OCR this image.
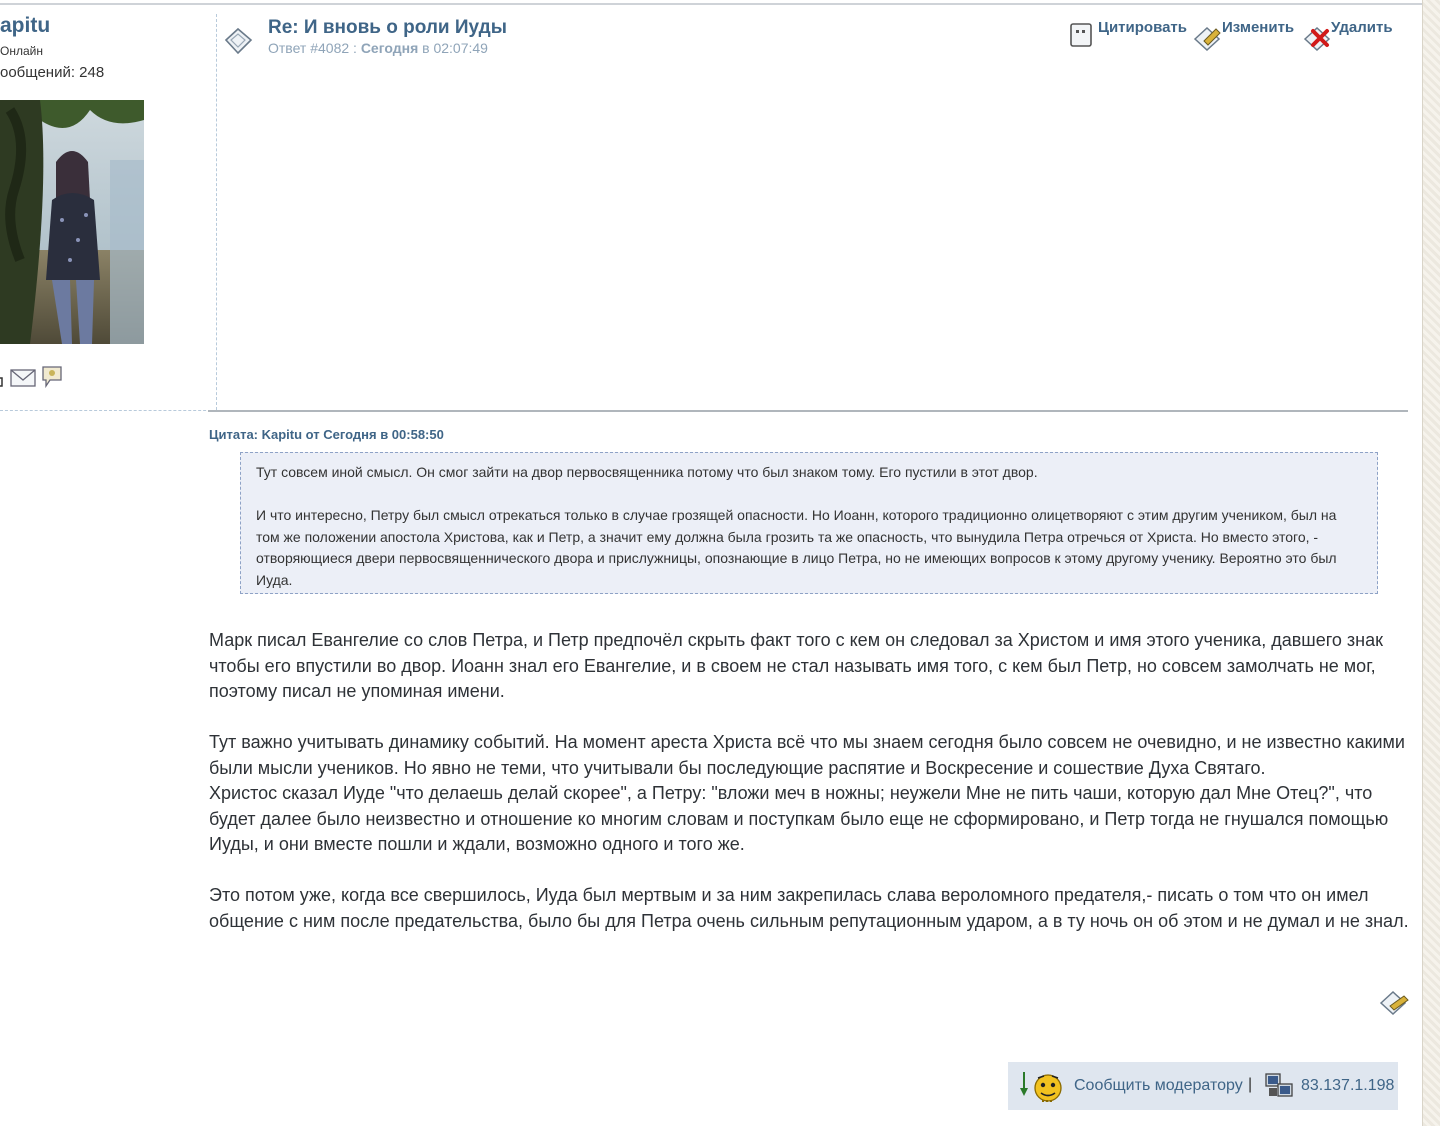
apitu
Онлайн
ообщений: 248
Re: И вновь о роли Иуды
Ответ #4082 : Сегодня в 02:07:49
Цитировать Изменить Удалить
Цитата: Kapitu от Сегодня в 00:58:50

Тут совсем иной смысл. Он смог зайти на двор первосвященника потому что был знаком тому. Его пустили в этот двор.

И что интересно, Петру был смысл отрекаться только в случае грозящей опасности. Но Иоанн, которого традиционно олицетворяют с этим другим учеником, был на том же положении апостола Христова, как и Петр, а значит ему должна была грозить та же опасность, что вынудила Петра отречься от Христа. Но вместо этого, - отворяющиеся двери первосвященнического двора и прислужницы, опознающие в лицо Петра, но не имеющих вопросов к этому другому ученику. Вероятно это был Иуда.

Марк писал Евангелие со слов Петра, и Петр предпочёл скрыть факт того с кем он следовал за Христом и имя этого ученика, давшего знак чтобы его впустили во двор. Иоанн знал его Евангелие, и в своем не стал называть имя того, с кем был Петр, но совсем замолчать не мог, поэтому писал не упоминая имени.

Тут важно учитывать динамику событий. На момент ареста Христа всё что мы знаем сегодня было совсем не очевидно, и не известно какими были мысли учеников. Но явно не теми, что учитывали бы последующие распятие и Воскресение и сошествие Духа Святаго.

Христос сказал Иуде "что делаешь делай скорее", а Петру: "вложи меч в ножны; неужели Мне не пить чаши, которую дал Мне Отец?", что будет далее было неизвестно и отношение ко многим словам и поступкам было еще не сформировано, и Петр тогда не гнушался помощью Иуды, и они вместе пошли и ждали, возможно одного и того же.

Это потом уже, когда все свершилось, Иуда был мертвым и за ним закрепилась слава вероломного предателя,- писать о том что он имел общение с ним после предательства, было бы для Петра очень сильным репутационным ударом, а в ту ночь он об этом и не думал и не знал.

Сообщить модератору |	83.137.1.198
